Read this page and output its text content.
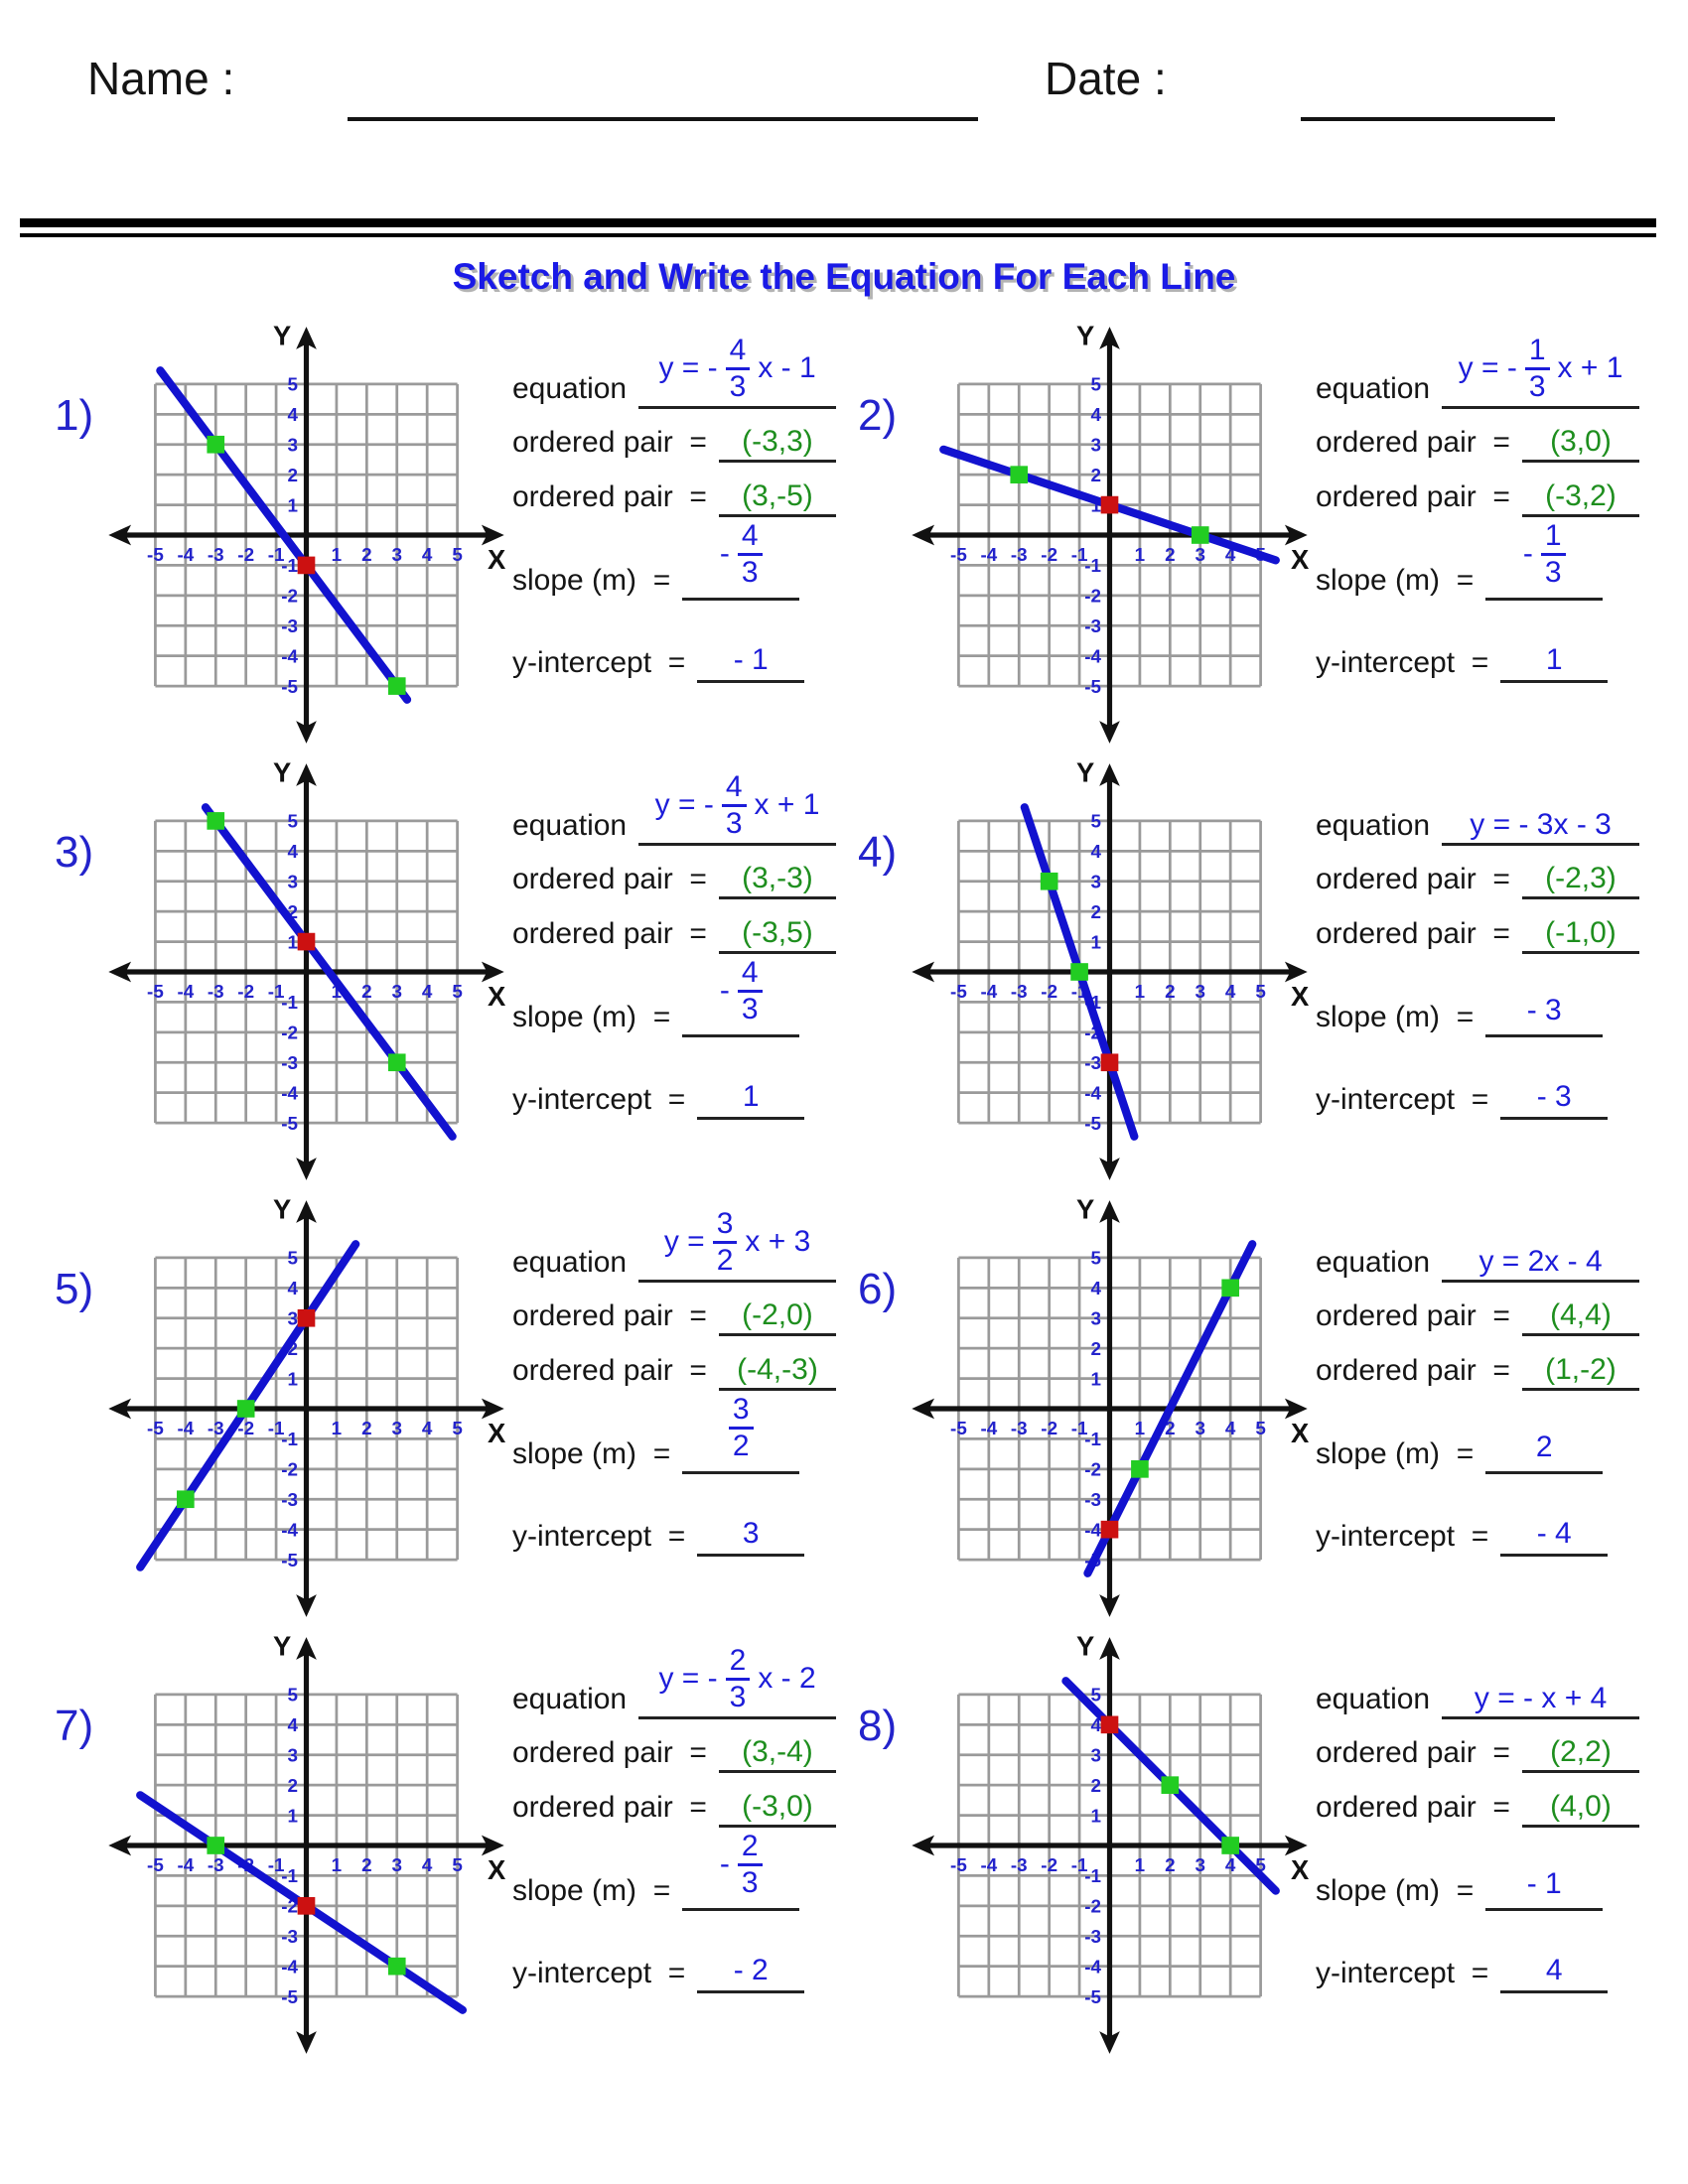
Name :	Date :
Sketch and Write the Equation For Each Line
1)
equation
y = - $\frac{4}{3}$ x - 1
ordered pair  = (-3,3)
ordered pair  = (3,-5)
slope (m)  =
- $\frac{4}{3}$
y-intercept  = - 1
2)
equation
y = - $\frac{1}{3}$ x + 1
ordered pair  = (3,0)
ordered pair  = (-3,2)
slope (m)  =
- $\frac{1}{3}$
y-intercept  = 1
3)
equation
y = - $\frac{4}{3}$ x + 1
ordered pair  = (3,-3)
ordered pair  = (-3,5)
slope (m)  =
- $\frac{4}{3}$
y-intercept  = 1
4)
equation y = - 3x - 3
ordered pair  = (-2,3)
ordered pair  = (-1,0)
slope (m)  = - 3
y-intercept  = - 3
5)
equation
$y = \frac{3}{2}$ x + 3
ordered pair  = (-2,0)
ordered pair  = (-4,-3)
slope $(m) = \frac{3}{2}$
y-intercept  = 3
6)
equation y = 2x - 4
ordered pair  = (4,4)
ordered pair  = (1,-2)
slope (m)  = 2
y-intercept  = - 4
7)
equation
y = - $\frac{2}{3}$ x - 2
ordered pair  = (3,-4)
ordered pair  = (-3,0)
slope (m)  =
- $\frac{2}{3}$
y-intercept  = - 2
8)
equation y = - x + 4
ordered pair  = (2,2)
ordered pair  = (4,0)
slope (m)  = - 1
y-intercept  = 4
